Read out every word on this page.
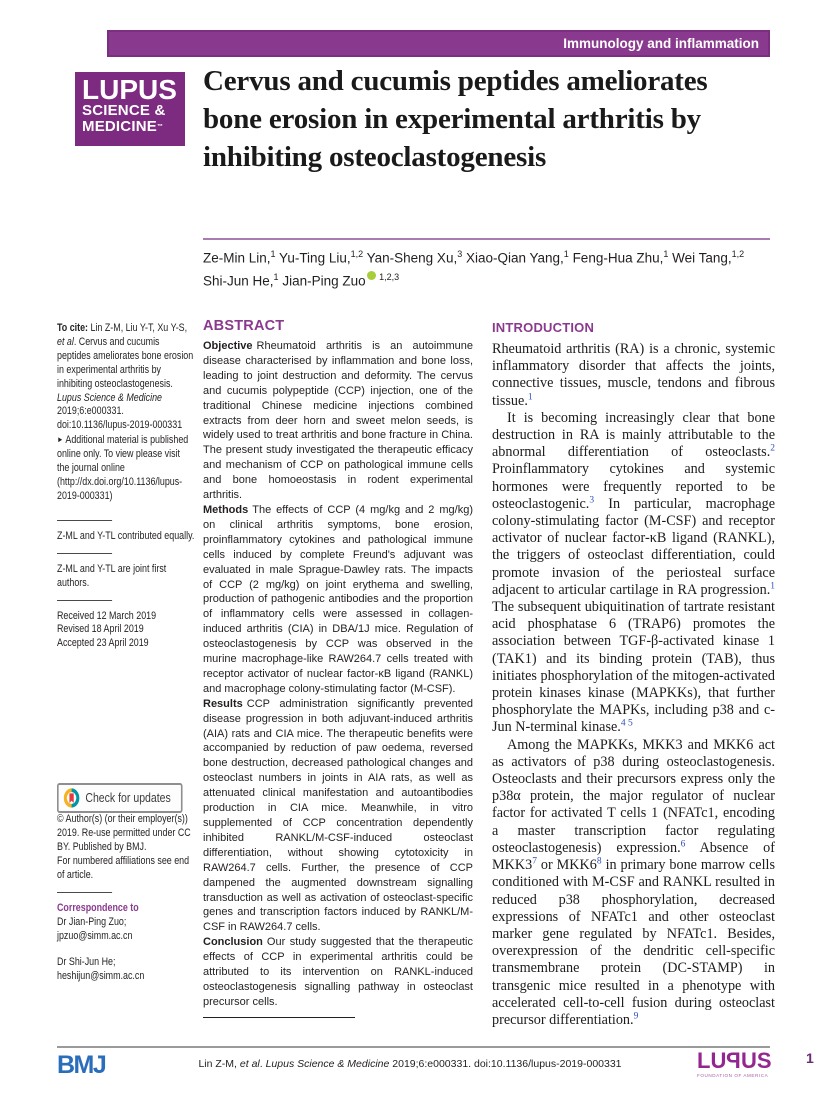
Immunology and inflammation
LUPUS
SCIENCE &
MEDICINE™
Cervus and cucumis peptides ameliorates bone erosion in experimental arthritis by inhibiting osteoclastogenesis
Ze-Min Lin,$^1$ Yu-Ting Liu,$^{1,2}$ Yan-Sheng Xu,$^3$ Xiao-Qian Yang,$^1$ Feng-Hua Zhu,$^1$ Wei Tang,$^{1,2}$ Shi-Jun He,$^1$ Jian-Ping Zuo $^{1,2,3}$

To cite: Lin Z-M, Liu Y-T, Xu Y-S, et al. Cervus and cucumis peptides ameliorates bone erosion in experimental arthritis by inhibiting osteoclastogenesis. Lupus Science & Medicine 2019;6:e000331. doi:10.1136/lupus-2019-000331

► Additional material is published online only. To view please visit the journal online (http://dx.doi.org/10.1136/lupus-2019-000331)

Z-ML and Y-TL contributed equally.

Z-ML and Y-TL are joint first authors.

Received 12 March 2019

Revised 18 April 2019

Accepted 23 April 2019

Check for updates

© Author(s) (or their employer(s)) 2019. Re-use permitted under CC BY. Published by BMJ.

For numbered affiliations see end of article.

Correspondence to

Dr Jian-Ping Zuo; jpzuo@simm.ac.cn

Dr Shi-Jun He; heshijun@simm.ac.cn

ABSTRACT

Objective Rheumatoid arthritis is an autoimmune disease characterised by inflammation and bone loss, leading to joint destruction and deformity. The cervus and cucumis polypeptide (CCP) injection, one of the traditional Chinese medicine injections combined extracts from deer horn and sweet melon seeds, is widely used to treat arthritis and bone fracture in China. The present study investigated the therapeutic efficacy and mechanism of CCP on pathological immune cells and bone homoeostasis in rodent experimental arthritis.

Methods The effects of CCP (4 mg/kg and 2 mg/kg) on clinical arthritis symptoms, bone erosion, proinflammatory cytokines and pathological immune cells induced by complete Freund's adjuvant was evaluated in male Sprague-Dawley rats. The impacts of CCP (2 mg/kg) on joint erythema and swelling, production of pathogenic antibodies and the proportion of inflammatory cells were assessed in collagen-induced arthritis (CIA) in DBA/1J mice. Regulation of osteoclastogenesis by CCP was observed in the murine macrophage-like RAW264.7 cells treated with receptor activator of nuclear factor-κB ligand (RANKL) and macrophage colony-stimulating factor (M-CSF).

Results CCP administration significantly prevented disease progression in both adjuvant-induced arthritis (AIA) rats and CIA mice. The therapeutic benefits were accompanied by reduction of paw oedema, reversed bone destruction, decreased pathological changes and osteoclast numbers in joints in AIA rats, as well as attenuated clinical manifestation and autoantibodies production in CIA mice. Meanwhile, in vitro supplemented of CCP concentration dependently inhibited RANKL/M-CSF-induced osteoclast differentiation, without showing cytotoxicity in RAW264.7 cells. Further, the presence of CCP dampened the augmented downstream signalling transduction as well as activation of osteoclast-specific genes and transcription factors induced by RANKL/M-CSF in RAW264.7 cells.

Conclusion Our study suggested that the therapeutic effects of CCP in experimental arthritis could be attributed to its intervention on RANKL-induced osteoclastogenesis signalling pathway in osteoclast precursor cells.

INTRODUCTION

Rheumatoid arthritis (RA) is a chronic, systemic inflammatory disorder that affects the joints, connective tissues, muscle, tendons and fibrous tissue.$^1$

It is becoming increasingly clear that bone destruction in RA is mainly attributable to the abnormal differentiation of osteoclasts.$^2$ Proinflammatory cytokines and systemic hormones were frequently reported to be osteoclastogenic.$^3$ In particular, macrophage colony-stimulating factor (M-CSF) and receptor activator of nuclear factor-κB ligand (RANKL), the triggers of osteoclast differentiation, could promote invasion of the periosteal surface adjacent to articular cartilage in RA progression.$^1$ The subsequent ubiquitination of tartrate resistant acid phosphatase 6 (TRAP6) promotes the association between TGF-β-activated kinase 1 (TAK1) and its binding protein (TAB), thus initiates phosphorylation of the mitogen-activated protein kinases kinase (MAPKKs), that further phosphorylate the MAPKs, including p38 and c-Jun N-terminal kinase.$^{4 5}$

Among the MAPKKs, MKK3 and MKK6 act as activators of p38 during osteoclastogenesis. Osteoclasts and their precursors express only the p38α protein, the major regulator of nuclear factor for activated T cells 1 (NFATc1, encoding a master transcription factor regulating osteoclastogenesis) expression.$^6$ Absence of $MKK3^7$ or $MKK6^8$ in primary bone marrow cells conditioned with M-CSF and RANKL resulted in reduced p38 phosphorylation, decreased expressions of NFATc1 and other osteoclast marker gene regulated by NFATc1. Besides, overexpression of the dendritic cell-specific transmembrane protein (DC-STAMP) in transgenic mice resulted in a phenotype with accelerated cell-to-cell fusion during osteoclast precursor differentiation.$^9$

BMJ	Lin Z-M, et al. Lupus Science & Medicine 2019;6:e000331. doi:10.1136/lupus-2019-000331	LUPUS
FOUNDATION OF AMERICA
1
